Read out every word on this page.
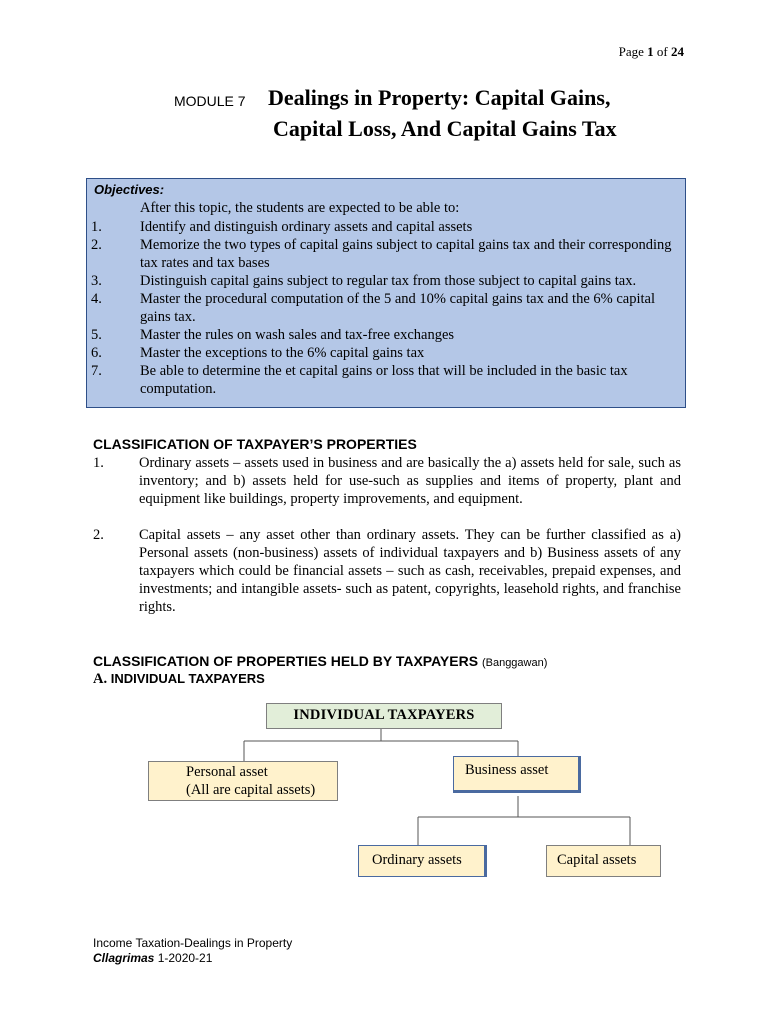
Page 1 of 24
MODULE 7 Dealings in Property: Capital Gains,
Capital Loss, And Capital Gains Tax
Objectives:
After this topic, the students are expected to be able to:
1.	Identify and distinguish ordinary assets and capital assets
2.	Memorize the two types of capital gains subject to capital gains tax and their corresponding tax rates and tax bases
3.	Distinguish capital gains subject to regular tax from those subject to capital gains tax.
4.	Master the procedural computation of the 5 and 10% capital gains tax and the 6% capital gains tax.
5.	Master the rules on wash sales and tax-free exchanges
6.	Master the exceptions to the 6% capital gains tax
7.	Be able to determine the et capital gains or loss that will be included in the basic tax computation.
CLASSIFICATION OF TAXPAYER’S PROPERTIES
1. Ordinary assets – assets used in business and are basically the a) assets held for sale, such as inventory; and b) assets held for use-such as supplies and items of property, plant and equipment like buildings, property improvements, and equipment.
2. Capital assets – any asset other than ordinary assets. They can be further classified as a) Personal assets (non-business) assets of individual taxpayers and b) Business assets of any taxpayers which could be financial assets – such as cash, receivables, prepaid expenses, and investments; and intangible assets- such as patent, copyrights, leasehold rights, and franchise rights.
CLASSIFICATION OF PROPERTIES HELD BY TAXPAYERS (Banggawan)
A. INDIVIDUAL TAXPAYERS
INDIVIDUAL TAXPAYERS
Personal asset
(All are capital assets)
Business asset
Ordinary assets	Capital assets
Income Taxation-Dealings in Property
Cllagrimas 1-2020-21
